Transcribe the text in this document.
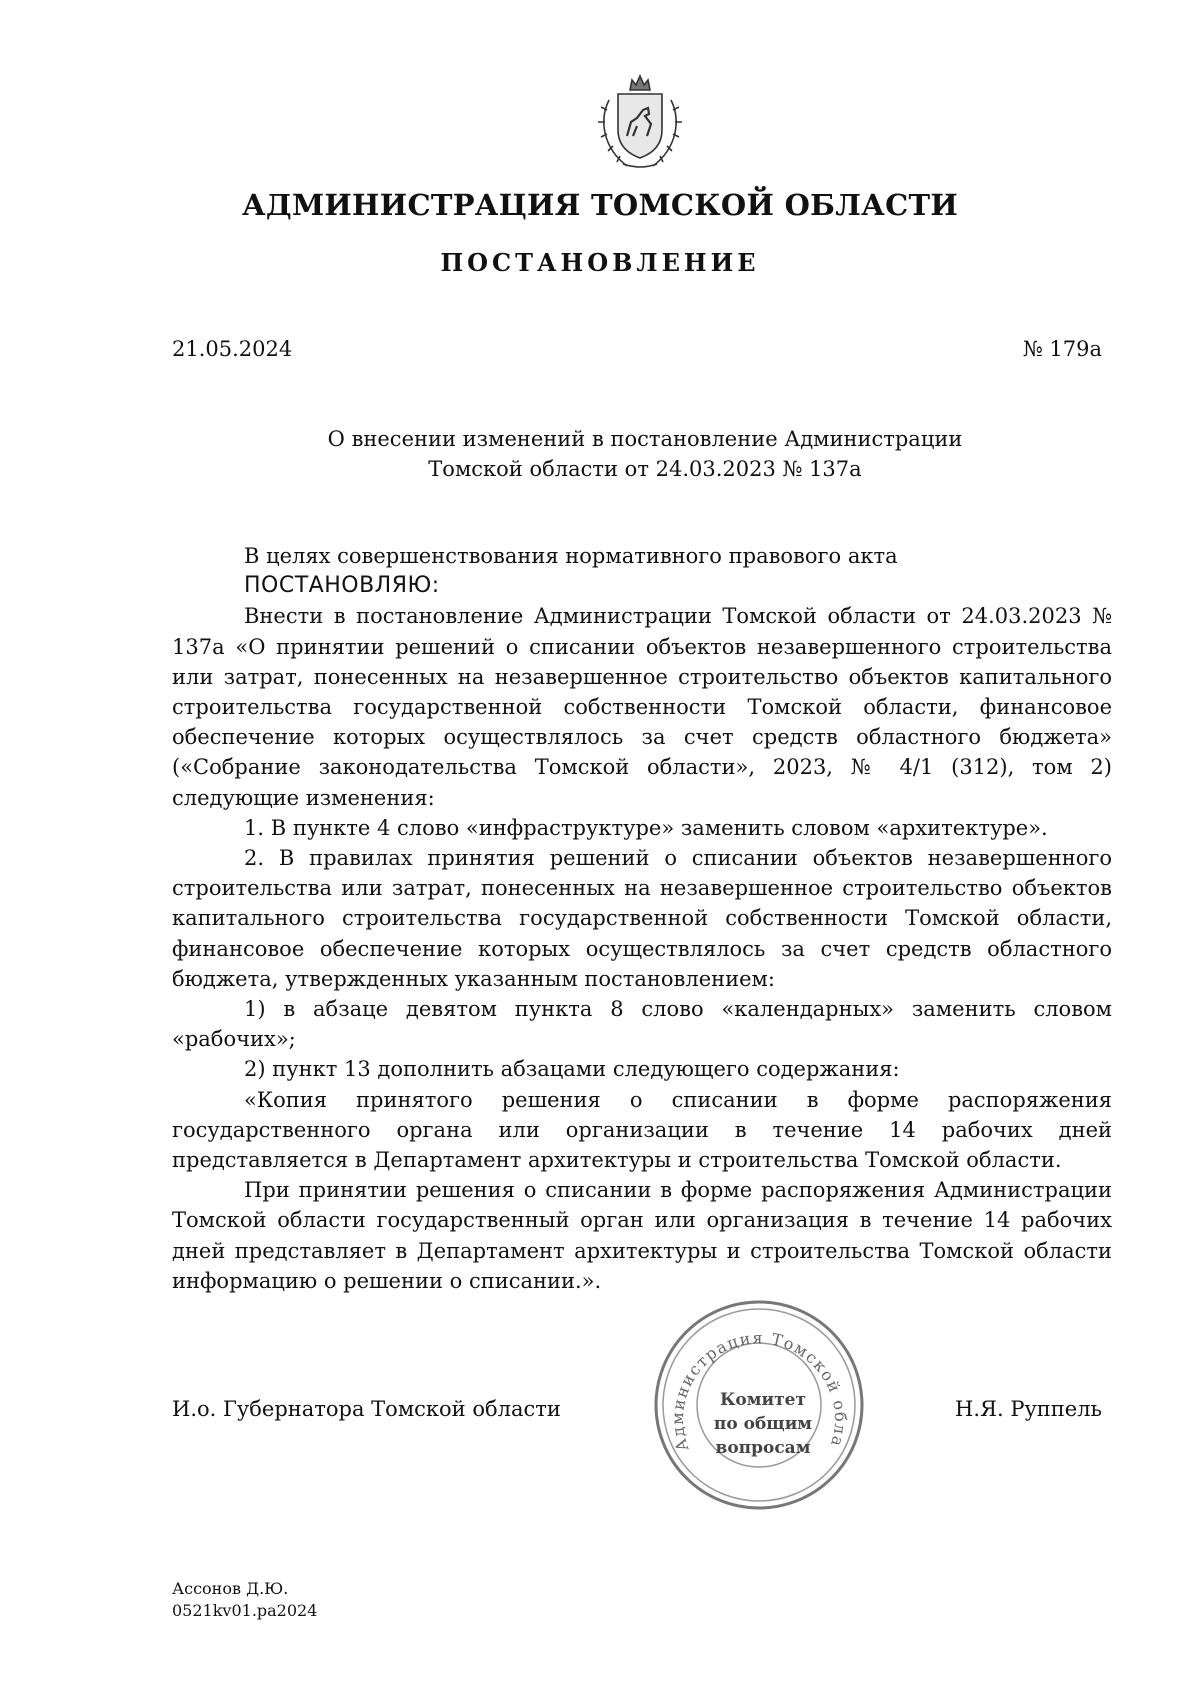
АДМИНИСТРАЦИЯ ТОМСКОЙ ОБЛАСТИ
ПОСТАНОВЛЕНИЕ
21.05.2024	№ 179а
О внесении изменений в постановление Администрации
Томской области от 24.03.2023 № 137а

В целях совершенствования нормативного правового акта

ПОСТАНОВЛЯЮ:

Внести в постановление Администрации Томской области от 24.03.2023 № 137а «О принятии решений о списании объектов незавершенного строительства или затрат, понесенных на незавершенное строительство объектов капитального строительства государственной собственности Томской области, финансовое обеспечение которых осуществлялось за счет средств областного бюджета» («Собрание законодательства Томской области», 2023, № 4/1 (312), том 2) следующие изменения:

1. В пункте 4 слово «инфраструктуре» заменить словом «архитектуре».

2. В правилах принятия решений о списании объектов незавершенного строительства или затрат, понесенных на незавершенное строительство объектов капитального строительства государственной собственности Томской области, финансовое обеспечение которых осуществлялось за счет средств областного бюджета, утвержденных указанным постановлением:

1) в абзаце девятом пункта 8 слово «календарных» заменить словом «рабочих»;

2) пункт 13 дополнить абзацами следующего содержания:

«Копия принятого решения о списании в форме распоряжения государственного органа или организации в течение 14 рабочих дней представляется в Департамент архитектуры и строительства Томской области.

При принятии решения о списании в форме распоряжения Администрации Томской области государственный орган или организация в течение 14 рабочих дней представляет в Департамент архитектуры и строительства Томской области информацию о решении о списании.».

Администрация Томской обла
Комитет
по общим
вопросам
И.о. Губернатора Томской области	Н.Я. Руппель
Ассонов Д.Ю.
0521kv01.pa2024
